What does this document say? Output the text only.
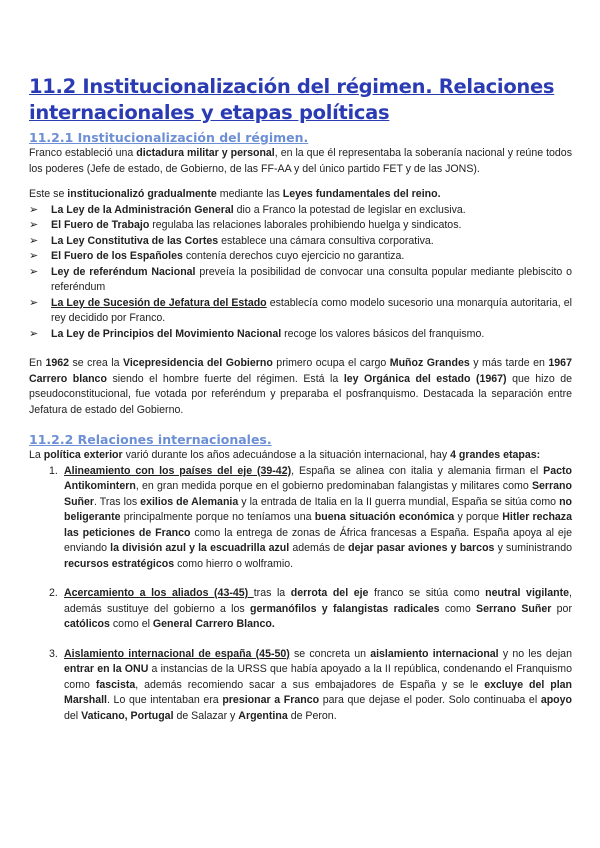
11.2 Institucionalización del régimen. Relaciones internacionales y etapas políticas
11.2.1 Institucionalización del régimen.

Franco estableció una dictadura militar y personal, en la que él representaba la soberanía nacional y reúne todos los poderes (Jefe de estado, de Gobierno, de las FF-AA y del único partido FET y de las JONS).

Este se institucionalizó gradualmente mediante las Leyes fundamentales del reino.

➢ La Ley de la Administración General dio a Franco la potestad de legislar en exclusiva.
➢ El Fuero de Trabajo regulaba las relaciones laborales prohibiendo huelga y sindicatos.
➢ La Ley Constitutiva de las Cortes establece una cámara consultiva corporativa.
➢ El Fuero de los Españoles contenía derechos cuyo ejercicio no garantiza.
➢ Ley de referéndum Nacional preveía la posibilidad de convocar una consulta popular mediante plebiscito o referéndum
➢ La Ley de Sucesión de Jefatura del Estado establecía como modelo sucesorio una monarquía autoritaria, el rey decidido por Franco.
➢ La Ley de Principios del Movimiento Nacional recoge los valores básicos del franquismo.

En 1962 se crea la Vicepresidencia del Gobierno primero ocupa el cargo Muñoz Grandes y más tarde en 1967 Carrero blanco siendo el hombre fuerte del régimen. Está la ley Orgánica del estado (1967) que hizo de pseudoconstitucional, fue votada por referéndum y preparaba el posfranquismo. Destacada la separación entre Jefatura de estado del Gobierno.

11.2.2 Relaciones internacionales.

La política exterior varió durante los años adecuándose a la situación internacional, hay 4 grandes etapas:

1. Alineamiento con los países del eje (39-42), España se alinea con italia y alemania firman el Pacto Antikomintern, en gran medida porque en el gobierno predominaban falangistas y militares como Serrano Suñer. Tras los exilios de Alemania y la entrada de Italia en la II guerra mundial, España se sitúa como no beligerante principalmente porque no teníamos una buena situación económica y porque Hitler rechaza las peticiones de Franco como la entrega de zonas de África francesas a España. España apoya al eje enviando la división azul y la escuadrilla azul además de dejar pasar aviones y barcos y suministrando recursos estratégicos como hierro o wolframio.
2. Acercamiento a los aliados (43-45) tras la derrota del eje franco se sitúa como neutral vigilante, además sustituye del gobierno a los germanófilos y falangistas radicales como Serrano Suñer por católicos como el General Carrero Blanco.
3. Aislamiento internacional de españa (45-50) se concreta un aislamiento internacional y no les dejan entrar en la ONU a instancias de la URSS que había apoyado a la II república, condenando el Franquismo como fascista, además recomiendo sacar a sus embajadores de España y se le excluye del plan Marshall. Lo que intentaban era presionar a Franco para que dejase el poder. Solo continuaba el apoyo del Vaticano, Portugal de Salazar y Argentina de Peron.
